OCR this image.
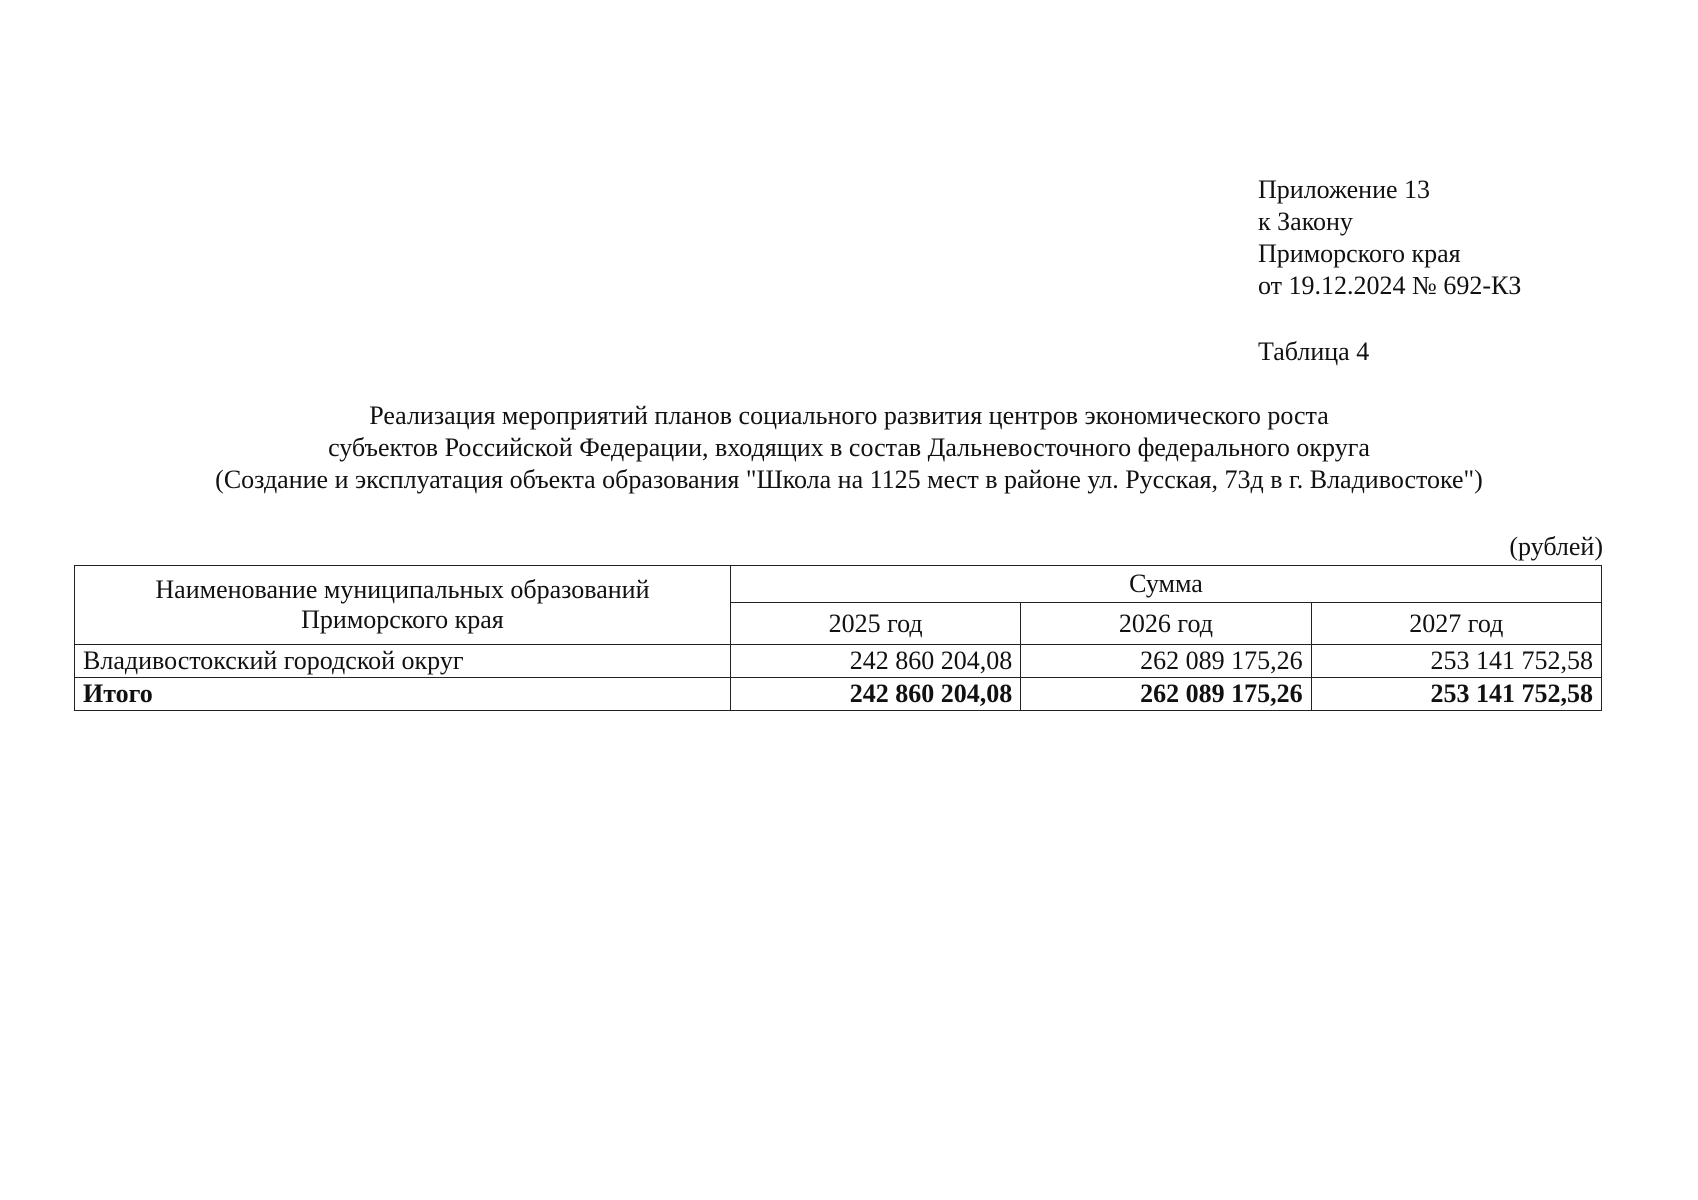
Приложение 13
к Закону
Приморского края
от 19.12.2024 № 692-КЗ
Таблица 4
Реализация мероприятий планов социального развития центров экономического роста
субъектов Российской Федерации, входящих в состав Дальневосточного федерального округа
(Создание и эксплуатация объекта образования "Школа на 1125 мест в районе ул. Русская, 73д в г. Владивостоке")
(рублей)
Наименование муниципальных образований
Приморского края	Сумма		
	2025 год	2026 год	2027 год
Владивостокский городской округ	242 860 204,08	262 089 175,26	253 141 752,58
Итого	242 860 204,08	262 089 175,26	253 141 752,58
